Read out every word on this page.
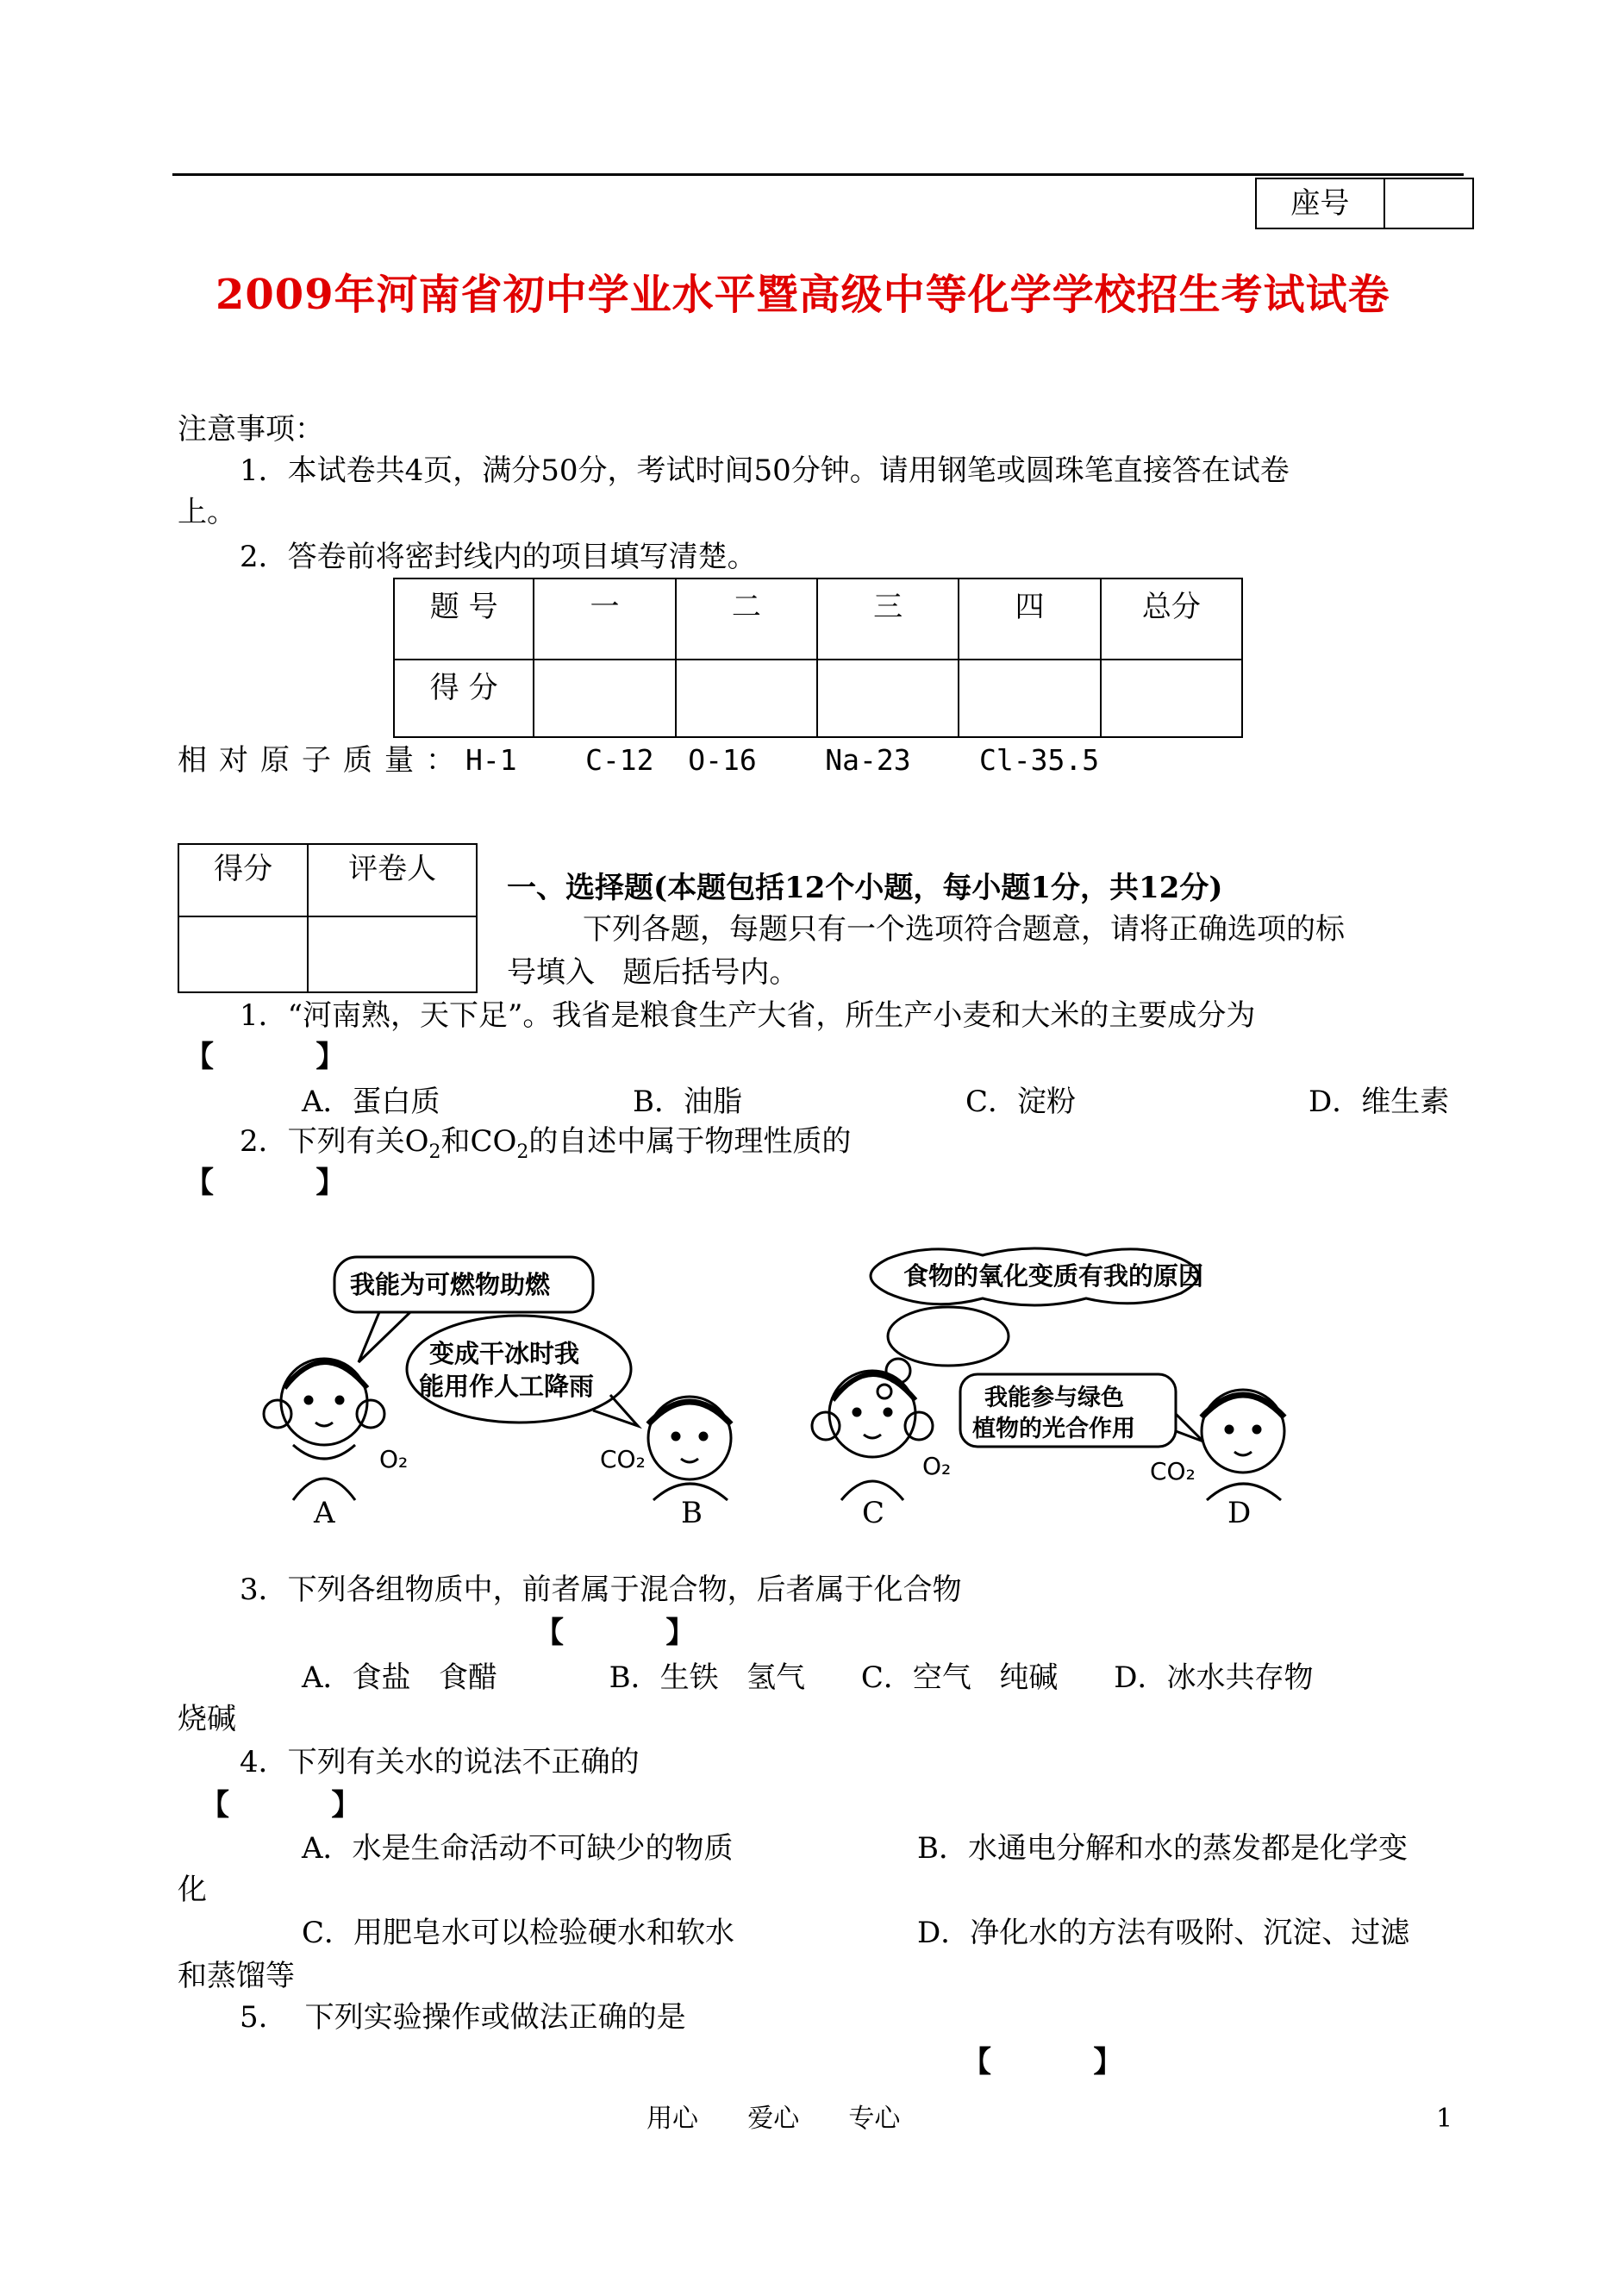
座号	
2009年河南省初中学业水平暨高级中等化学学校招生考试试卷
注意事项：
1．本试卷共4页，满分50分，考试时间50分钟。请用钢笔或圆珠笔直接答在试卷
上。
2．答卷前将密封线内的项目填写清楚。
题 号	一	二	三	四	总分
得 分					
相对原子质量：
H-1    C-12  O-16    Na-23    Cl-35.5
得分	评卷人

一、选择题(本题包括12个小题，每小题1分，共12分)
下列各题，每题只有一个选项符合题意，请将正确选项的标
号填入   题后括号内。
1．“河南熟，天下足”。我省是粮食生产大省，所生产小麦和大米的主要成分为
【          】
A．蛋白质	B．油脂	C．淀粉	D．维生素
2．下列有关$O_2$和$CO_2$的自述中属于物理性质的
【          】
我能为可燃物助燃
变成干冰时我
能用作人工降雨
食物的氧化变质有我的原因
我能参与绿色
植物的光合作用
O₂	CO₂	O₂	CO₂
A	B	C	D
3．下列各组物质中，前者属于混合物，后者属于化合物
【          】
A．食盐   食醋            B．生铁   氢气      C．空气   纯碱      D．冰水共存物
烧碱
4．下列有关水的说法不正确的
【          】
A．水是生命活动不可缺少的物质	B．水通电分解和水的蒸发都是化学变
化
C．用肥皂水可以检验硬水和软水	D．净化水的方法有吸附、沉淀、过滤
和蒸馏等
5.    下列实验操作或做法正确的是
【          】
用心      爱心      专心	1
